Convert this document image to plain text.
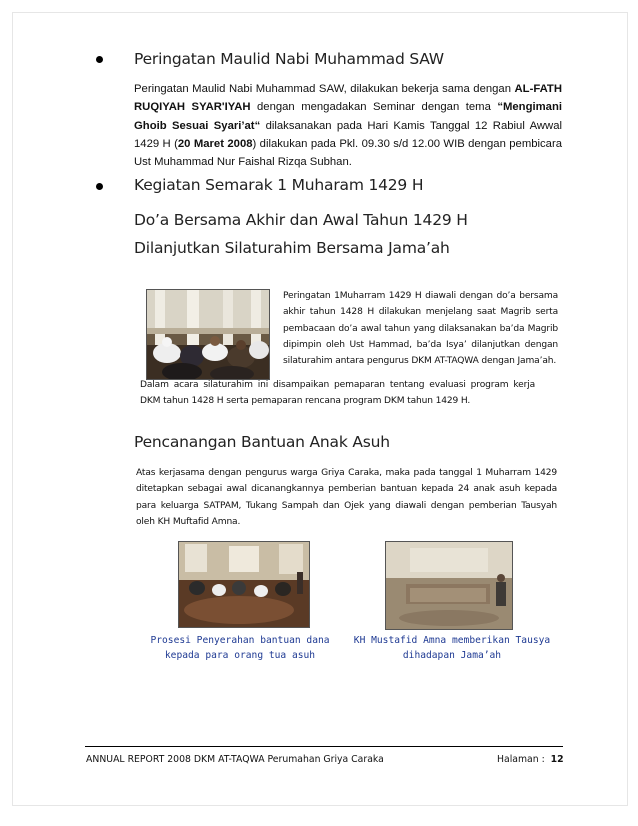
Peringatan Maulid Nabi Muhammad SAW
Peringatan Maulid Nabi Muhammad SAW, dilakukan bekerja sama dengan AL-FATH RUQIYAH SYAR'IYAH dengan mengadakan Seminar dengan tema “Mengimani Ghoib Sesuai Syari’at“ dilaksanakan pada Hari Kamis Tanggal 12 Rabiul Awwal 1429 H (20 Maret 2008) dilakukan pada Pkl. 09.30 s/d 12.00 WIB dengan pembicara Ust Muhammad Nur Faishal Rizqa Subhan.
Kegiatan Semarak 1 Muharam 1429 H
Do’a Bersama Akhir dan Awal Tahun 1429 H
Dilanjutkan Silaturahim Bersama Jama’ah
Peringatan 1Muharram 1429 H diawali dengan do’a bersama akhir tahun 1428 H dilakukan menjelang saat Magrib serta pembacaan do’a awal tahun yang dilaksanakan ba’da Magrib dipimpin oleh Ust Hammad, ba’da Isya’ dilanjutkan dengan silaturahim antara pengurus DKM AT-TAQWA dengan Jama’ah.
Dalam acara silaturahim ini disampaikan pemaparan tentang evaluasi program kerja DKM tahun 1428 H serta pemaparan rencana program DKM tahun 1429 H.
Pencanangan Bantuan Anak Asuh
Atas kerjasama dengan pengurus warga Griya Caraka, maka pada tanggal 1 Muharram 1429 ditetapkan sebagai awal dicanangkannya pemberian bantuan kepada 24 anak asuh kepada para keluarga SATPAM, Tukang Sampah dan Ojek yang diawali dengan pemberian Tausyah oleh KH Muftafid Amna.
Prosesi Penyerahan bantuan dana kepada para orang tua asuh
KH Mustafid Amna memberikan Tausya dihadapan Jama’ah
ANNUAL REPORT 2008 DKM AT-TAQWA Perumahan Griya Caraka	Halaman : 12
